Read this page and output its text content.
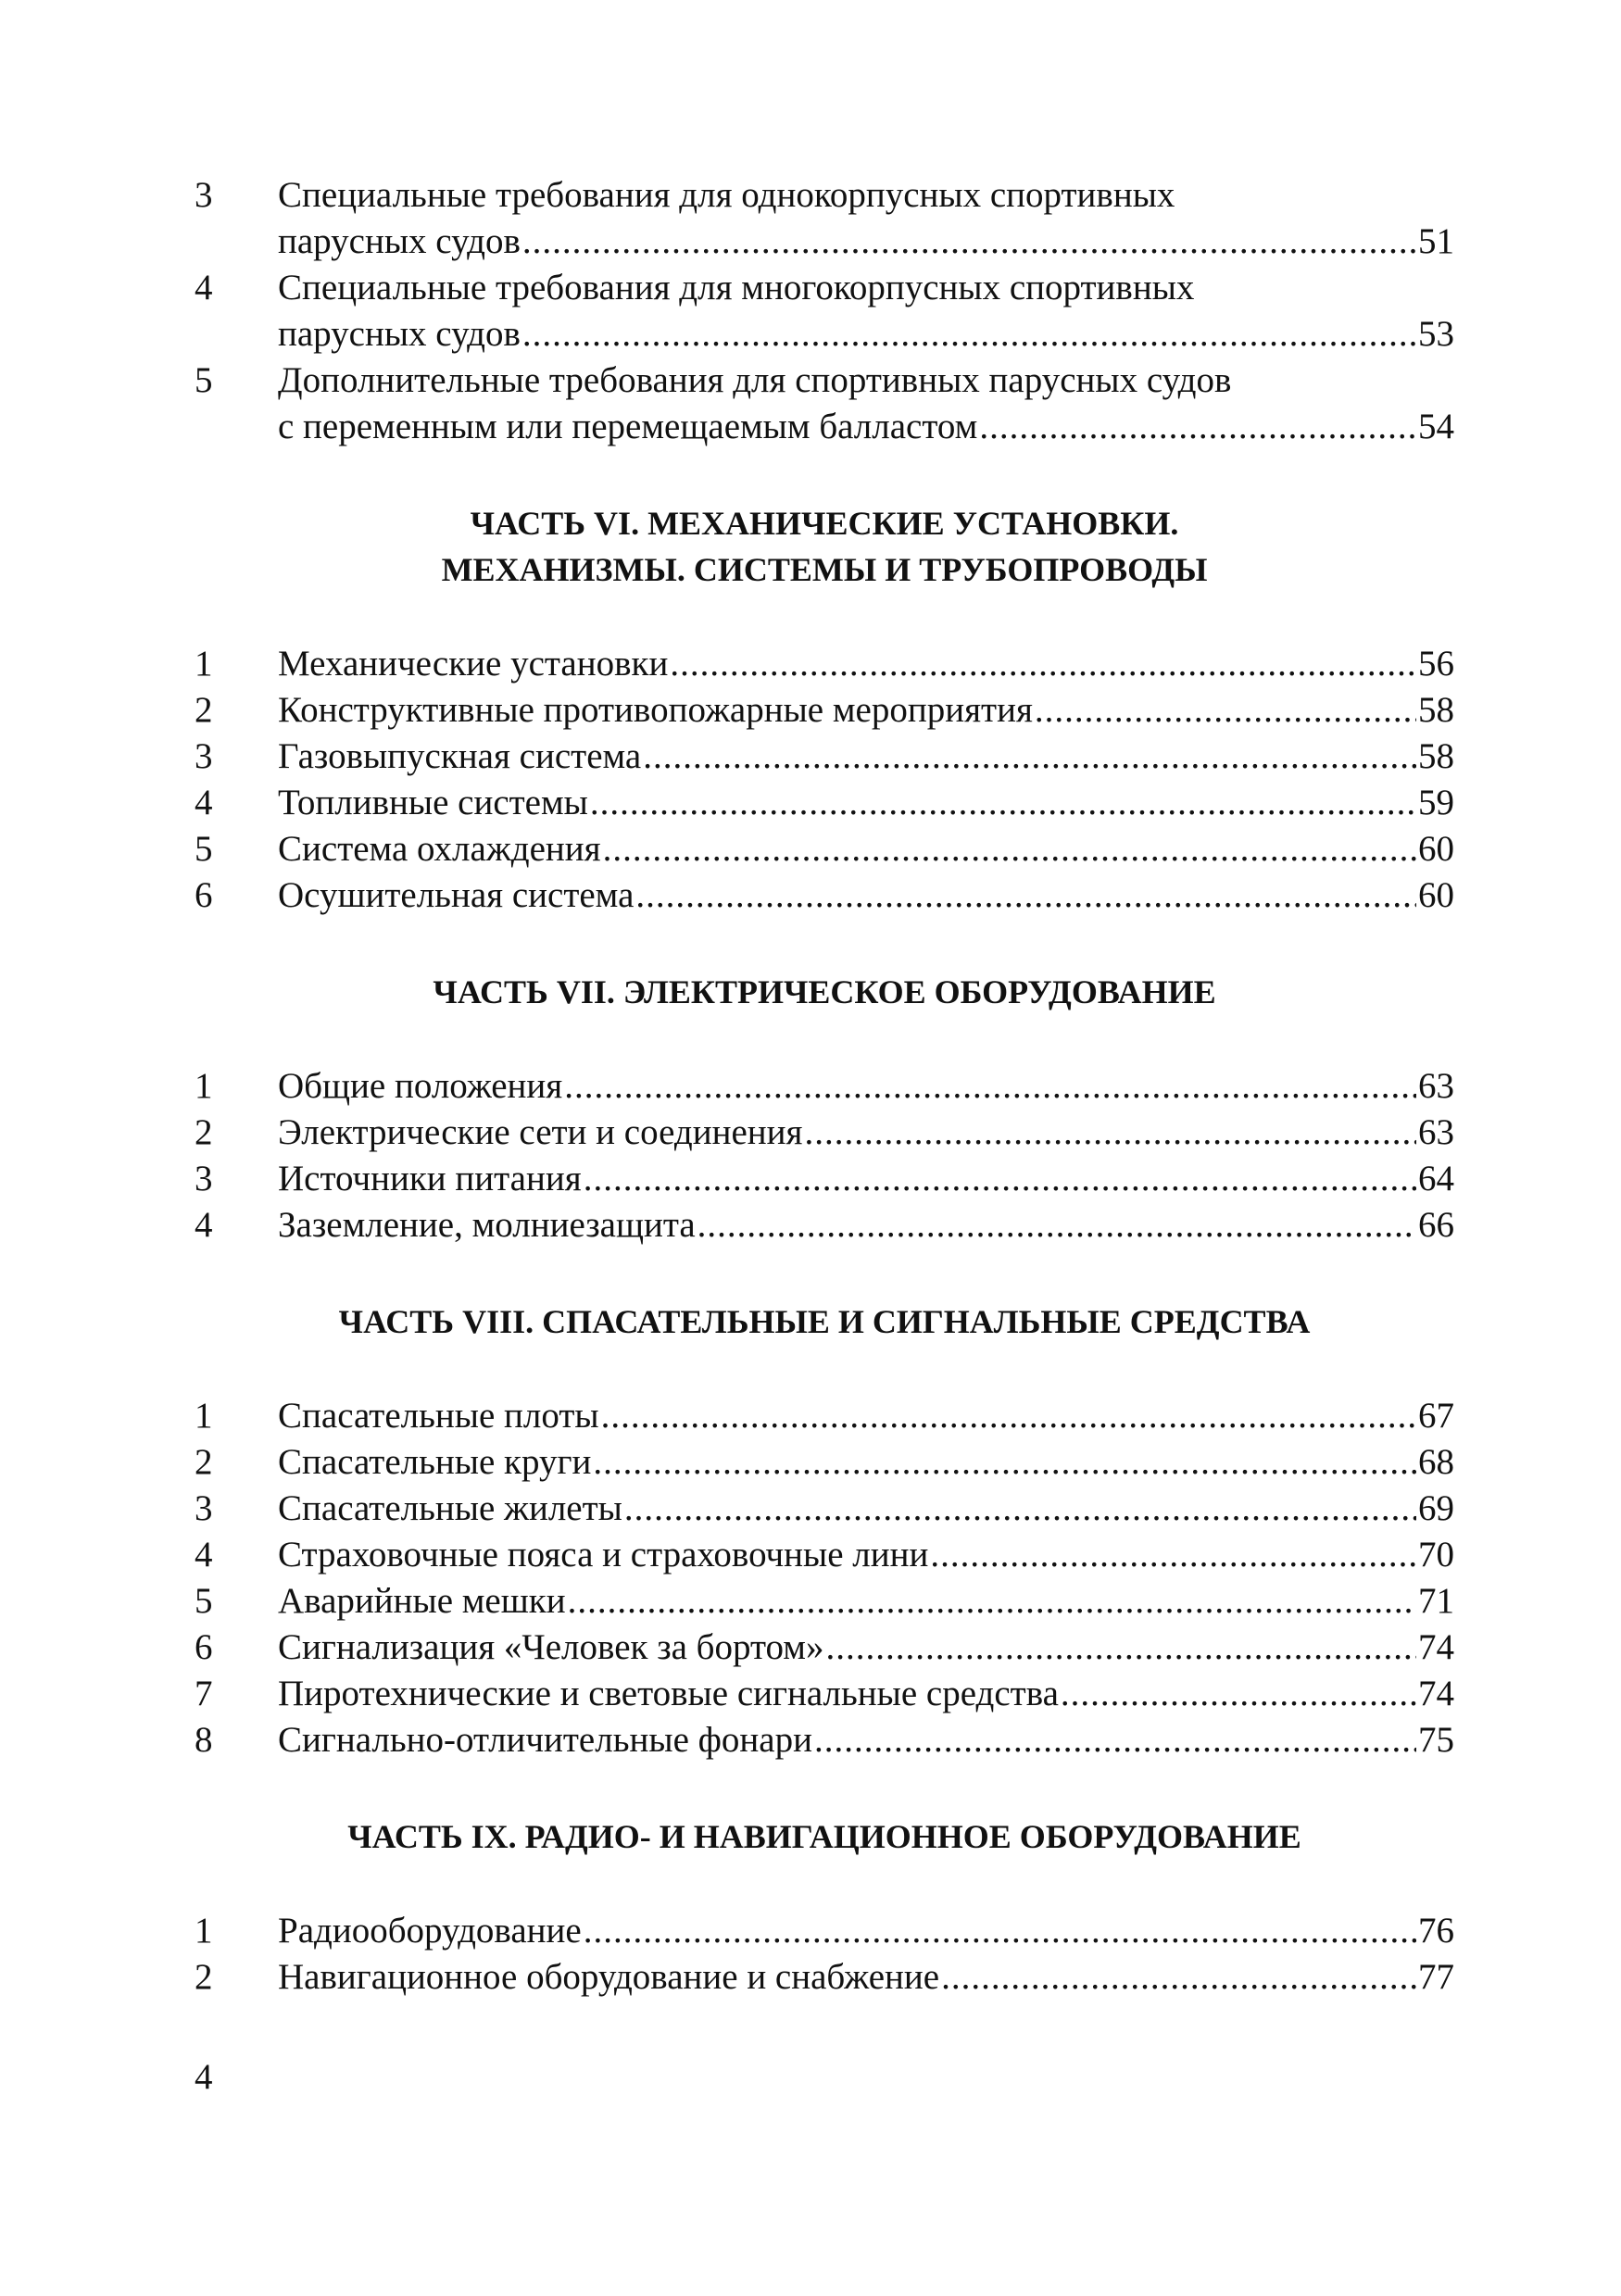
3	Специальные требования для однокорпусных спортивных
парусных судов .....	51
4	Специальные требования для многокорпусных спортивных
парусных судов .....	53
5	Дополнительные требования для спортивных парусных судов
с переменным или перемещаемым балластом .....	54
ЧАСТЬ VI. МЕХАНИЧЕСКИЕ УСТАНОВКИ.
МЕХАНИЗМЫ. СИСТЕМЫ И ТРУБОПРОВОДЫ
1	Механические установки .....	56
2	Конструктивные противопожарные мероприятия .....	58
3	Газовыпускная система .....	58
4	Топливные системы .....	59
5	Система охлаждения .....	60
6	Осушительная система .....	60
ЧАСТЬ VII. ЭЛЕКТРИЧЕСКОЕ ОБОРУДОВАНИЕ
1	Общие положения .....	63
2	Электрические сети и соединения .....	63
3	Источники питания .....	64
4	Заземление, молниезащита .....	66
ЧАСТЬ VIII. СПАСАТЕЛЬНЫЕ И СИГНАЛЬНЫЕ СРЕДСТВА
1	Спасательные плоты .....	67
2	Спасательные круги .....	68
3	Спасательные жилеты .....	69
4	Страховочные пояса и страховочные лини .....	70
5	Аварийные мешки .....	71
6	Сигнализация «Человек за бортом» .....	74
7	Пиротехнические и световые сигнальные средства .....	74
8	Сигнально-отличительные фонари .....	75
ЧАСТЬ IX. РАДИО- И НАВИГАЦИОННОЕ ОБОРУДОВАНИЕ
1	Радиооборудование .....	76
2	Навигационное оборудование и снабжение .....	77
4
